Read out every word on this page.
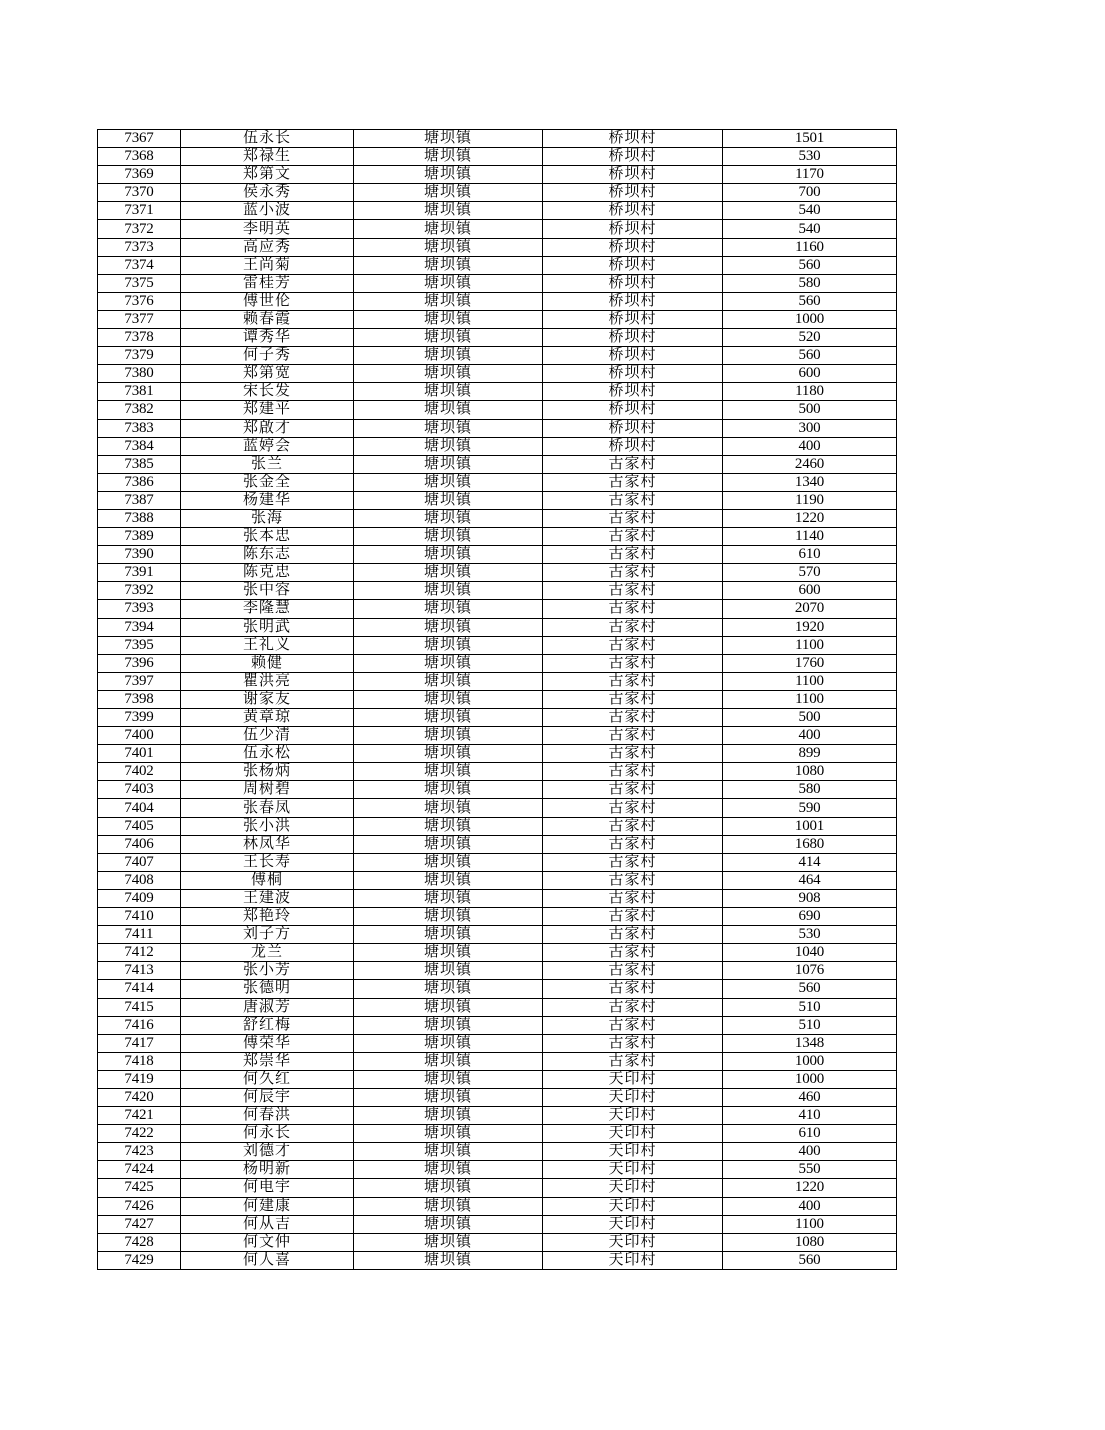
7367	伍永长	塘坝镇	桥坝村	1501
7368	郑禄生	塘坝镇	桥坝村	530
7369	郑第文	塘坝镇	桥坝村	1170
7370	侯永秀	塘坝镇	桥坝村	700
7371	蓝小波	塘坝镇	桥坝村	540
7372	李明英	塘坝镇	桥坝村	540
7373	高应秀	塘坝镇	桥坝村	1160
7374	王尚菊	塘坝镇	桥坝村	560
7375	雷桂芳	塘坝镇	桥坝村	580
7376	傅世伦	塘坝镇	桥坝村	560
7377	赖春霞	塘坝镇	桥坝村	1000
7378	谭秀华	塘坝镇	桥坝村	520
7379	何子秀	塘坝镇	桥坝村	560
7380	郑第宽	塘坝镇	桥坝村	600
7381	宋长发	塘坝镇	桥坝村	1180
7382	郑建平	塘坝镇	桥坝村	500
7383	郑啟才	塘坝镇	桥坝村	300
7384	蓝婷会	塘坝镇	桥坝村	400
7385	张兰	塘坝镇	古家村	2460
7386	张金全	塘坝镇	古家村	1340
7387	杨建华	塘坝镇	古家村	1190
7388	张海	塘坝镇	古家村	1220
7389	张本忠	塘坝镇	古家村	1140
7390	陈东志	塘坝镇	古家村	610
7391	陈克忠	塘坝镇	古家村	570
7392	张中容	塘坝镇	古家村	600
7393	李隆慧	塘坝镇	古家村	2070
7394	张明武	塘坝镇	古家村	1920
7395	王礼义	塘坝镇	古家村	1100
7396	赖健	塘坝镇	古家村	1760
7397	瞿洪亮	塘坝镇	古家村	1100
7398	谢家友	塘坝镇	古家村	1100
7399	黄章琼	塘坝镇	古家村	500
7400	伍少清	塘坝镇	古家村	400
7401	伍永松	塘坝镇	古家村	899
7402	张杨炳	塘坝镇	古家村	1080
7403	周树碧	塘坝镇	古家村	580
7404	张春凤	塘坝镇	古家村	590
7405	张小洪	塘坝镇	古家村	1001
7406	林凤华	塘坝镇	古家村	1680
7407	王长寿	塘坝镇	古家村	414
7408	傅桐	塘坝镇	古家村	464
7409	王建波	塘坝镇	古家村	908
7410	郑艳玲	塘坝镇	古家村	690
7411	刘子方	塘坝镇	古家村	530
7412	龙兰	塘坝镇	古家村	1040
7413	张小芳	塘坝镇	古家村	1076
7414	张德明	塘坝镇	古家村	560
7415	唐淑芳	塘坝镇	古家村	510
7416	舒红梅	塘坝镇	古家村	510
7417	傅荣华	塘坝镇	古家村	1348
7418	郑崇华	塘坝镇	古家村	1000
7419	何久红	塘坝镇	天印村	1000
7420	何辰宇	塘坝镇	天印村	460
7421	何春洪	塘坝镇	天印村	410
7422	何永长	塘坝镇	天印村	610
7423	刘德才	塘坝镇	天印村	400
7424	杨明新	塘坝镇	天印村	550
7425	何电宇	塘坝镇	天印村	1220
7426	何建康	塘坝镇	天印村	400
7427	何从吉	塘坝镇	天印村	1100
7428	何文仲	塘坝镇	天印村	1080
7429	何人喜	塘坝镇	天印村	560
